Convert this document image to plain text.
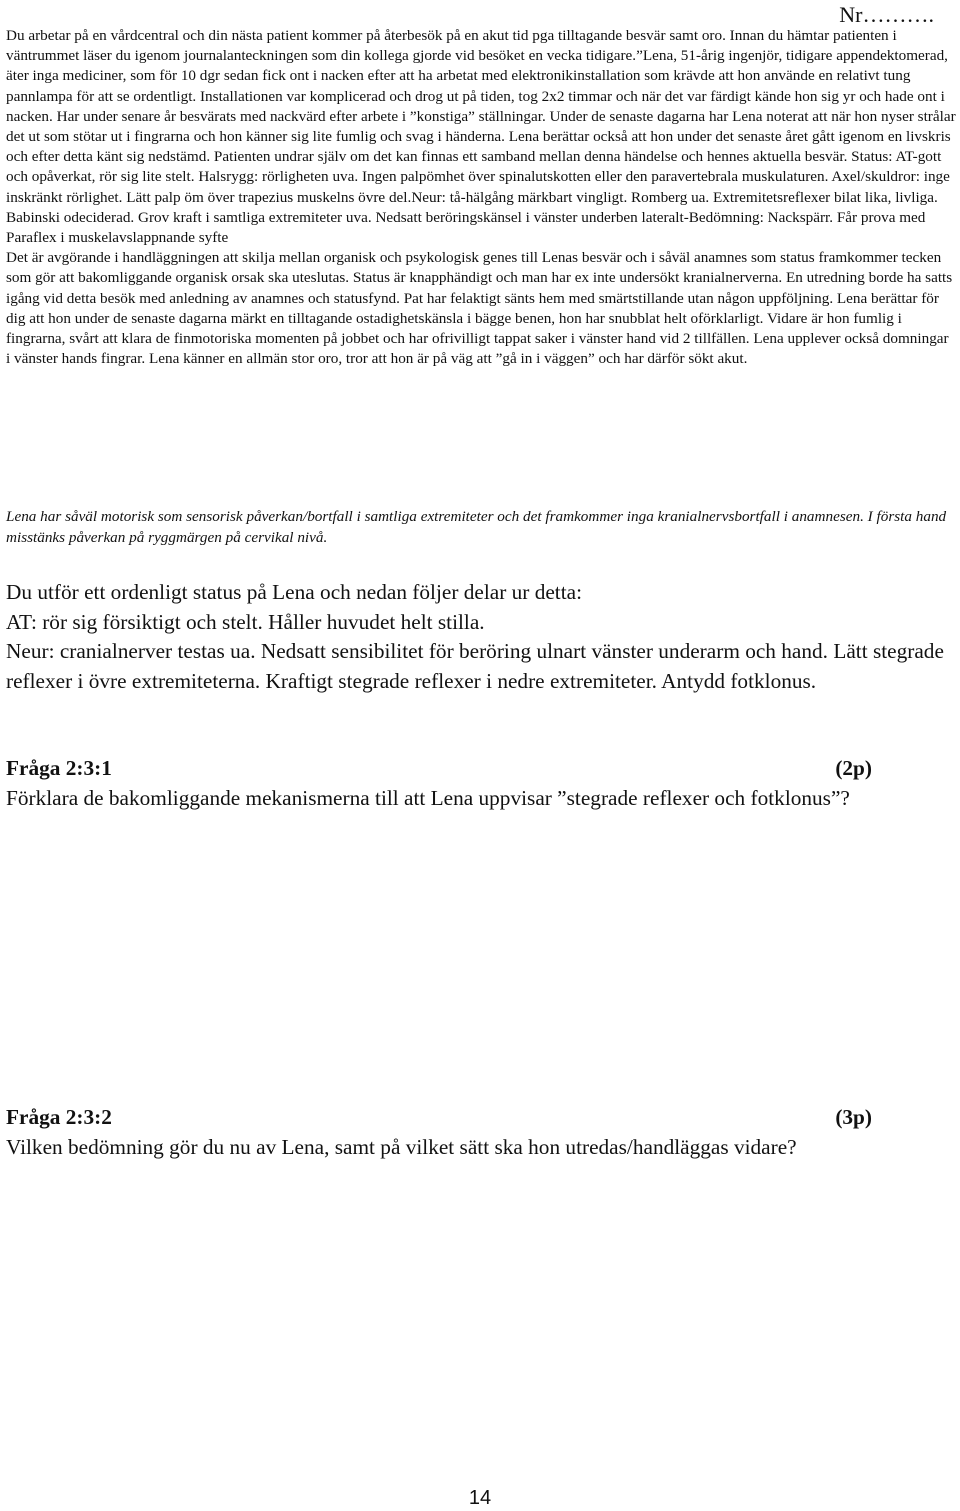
Nr……….

Du arbetar på en vårdcentral och din nästa patient kommer på återbesök på en akut tid pga tilltagande besvär samt oro. Innan du hämtar patienten i väntrummet läser du igenom journalanteckningen som din kollega gjorde vid besöket en vecka tidigare.”Lena, 51-årig ingenjör, tidigare appendektomerad, äter inga mediciner, som för 10 dgr sedan fick ont i nacken efter att ha arbetat med elektronikinstallation som krävde att hon använde en relativt tung pannlampa för att se ordentligt. Installationen var komplicerad och drog ut på tiden, tog 2x2 timmar och när det var färdigt kände hon sig yr och hade ont i nacken. Har under senare år besvärats med nackvärd efter arbete i ”konstiga” ställningar. Under de senaste dagarna har Lena noterat att när hon nyser strålar det ut som stötar ut i fingrarna och hon känner sig lite fumlig och svag i händerna. Lena berättar också att hon under det senaste året gått igenom en livskris och efter detta känt sig nedstämd. Patienten undrar själv om det kan finnas ett samband mellan denna händelse och hennes aktuella besvär. Status: AT-gott och opåverkat, rör sig lite stelt. Halsrygg: rörligheten uva. Ingen palpömhet över spinalutskotten eller den paravertebrala muskulaturen. Axel/skuldror: inge inskränkt rörlighet. Lätt palp öm över trapezius muskelns övre del.Neur: tå-hälgång märkbart vingligt. Romberg ua. Extremitetsreflexer bilat lika, livliga. Babinski odeciderad. Grov kraft i samtliga extremiteter uva. Nedsatt beröringskänsel i vänster underben lateralt-Bedömning: Nackspärr. Får prova med Paraflex i muskelavslappnande syfte

Det är avgörande i handläggningen att skilja mellan organisk och psykologisk genes till Lenas besvär och i såväl anamnes som status framkommer tecken som gör att bakomliggande organisk orsak ska uteslutas. Status är knapphändigt och man har ex inte undersökt kranialnerverna. En utredning borde ha satts igång vid detta besök med anledning av anamnes och statusfynd. Pat har felaktigt sänts hem med smärtstillande utan någon uppföljning. Lena berättar för dig att hon under de senaste dagarna märkt en tilltagande ostadighetskänsla i bägge benen, hon har snubblat helt oförklarligt. Vidare är hon fumlig i fingrarna, svårt att klara de finmotoriska momenten på jobbet och har ofrivilligt tappat saker i vänster hand vid 2 tillfällen. Lena upplever också domningar i vänster hands fingrar. Lena känner en allmän stor oro, tror att hon är på väg att ”gå in i väggen” och har därför sökt akut.

Lena har såväl motorisk som sensorisk påverkan/bortfall i samtliga extremiteter och det framkommer inga kranialnervsbortfall i anamnesen. I första hand misstänks påverkan på ryggmärgen på cervikal nivå.

Du utför ett ordenligt status på Lena och nedan följer delar ur detta:

AT: rör sig försiktigt och stelt. Håller huvudet helt stilla.

Neur: cranialnerver testas ua. Nedsatt sensibilitet för beröring ulnart vänster underarm och hand. Lätt stegrade reflexer i övre extremiteterna. Kraftigt stegrade reflexer i nedre extremiteter. Antydd fotklonus.

Fråga 2:3:1	(2p)

Förklara de bakomliggande mekanismerna till att Lena uppvisar ”stegrade reflexer och fotklonus”?

Fråga 2:3:2	(3p)

Vilken bedömning gör du nu av Lena, samt på vilket sätt ska hon utredas/handläggas vidare?

14
